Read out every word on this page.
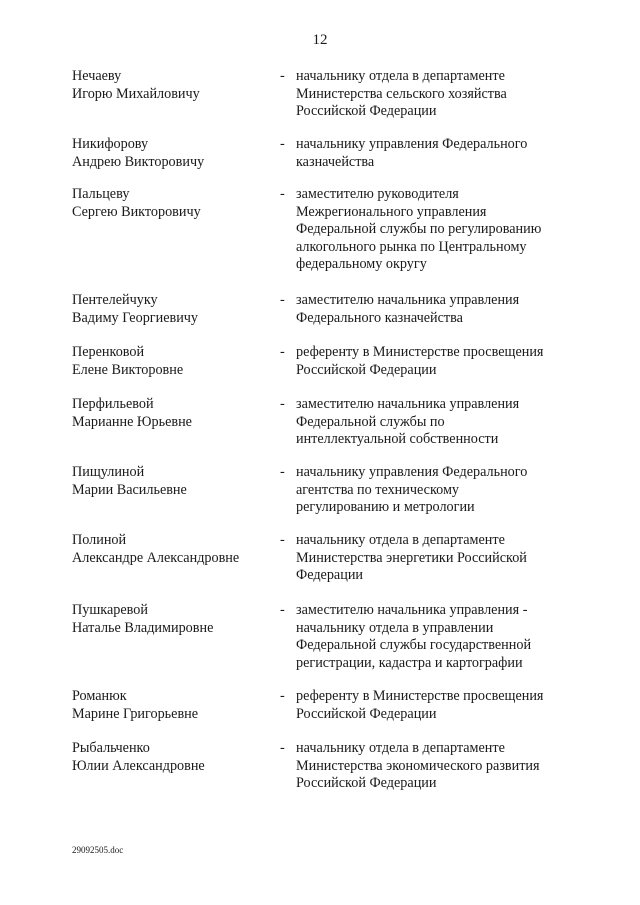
12
Нечаеву
Игорю Михайловичу
- начальнику отдела в департаменте
Министерства сельского хозяйства
Российской Федерации
Никифорову
Андрею Викторовичу
- начальнику управления Федерального
казначейства
Пальцеву
Сергею Викторовичу
- заместителю руководителя
Межрегионального управления
Федеральной службы по регулированию
алкогольного рынка по Центральному
федеральному округу
Пентелейчуку
Вадиму Георгиевичу
- заместителю начальника управления
Федерального казначейства
Перенковой
Елене Викторовне
- референту в Министерстве просвещения
Российской Федерации
Перфильевой
Марианне Юрьевне
- заместителю начальника управления
Федеральной службы по
интеллектуальной собственности
Пищулиной
Марии Васильевне
- начальнику управления Федерального
агентства по техническому
регулированию и метрологии
Полиной
Александре Александровне
- начальнику отдела в департаменте
Министерства энергетики Российской
Федерации
Пушкаревой
Наталье Владимировне
- заместителю начальника управления -
начальнику отдела в управлении
Федеральной службы государственной
регистрации, кадастра и картографии
Романюк
Марине Григорьевне
- референту в Министерстве просвещения
Российской Федерации
Рыбальченко
Юлии Александровне
- начальнику отдела в департаменте
Министерства экономического развития
Российской Федерации
29092505.doc
